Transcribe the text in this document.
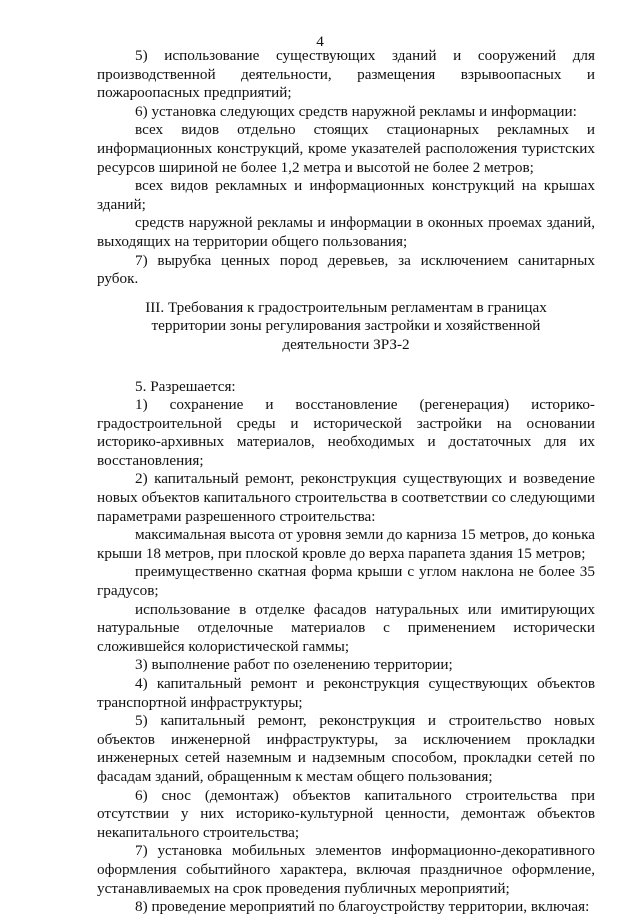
4

5) использование существующих зданий и сооружений для производственной деятельности, размещения взрывоопасных и пожароопасных предприятий;

6) установка следующих средств наружной рекламы и информации:

всех видов отдельно стоящих стационарных рекламных и информационных конструкций, кроме указателей расположения туристских ресурсов шириной не более 1,2 метра и высотой не более 2 метров;

всех видов рекламных и информационных конструкций на крышах зданий;

средств наружной рекламы и информации в оконных проемах зданий, выходящих на территории общего пользования;

7) вырубка ценных пород деревьев, за исключением санитарных рубок.

III. Требования к градостроительным регламентам в границах территории зоны регулирования застройки и хозяйственной деятельности ЗРЗ-2

5. Разрешается:

1) сохранение и восстановление (регенерация) историко-градостроительной среды и исторической застройки на основании историко-архивных материалов, необходимых и достаточных для их восстановления;

2) капитальный ремонт, реконструкция существующих и возведение новых объектов капитального строительства в соответствии со следующими параметрами разрешенного строительства:

максимальная высота от уровня земли до карниза 15 метров, до конька крыши 18 метров, при плоской кровле до верха парапета здания 15 метров;

преимущественно скатная форма крыши с углом наклона не более 35 градусов;

использование в отделке фасадов натуральных или имитирующих натуральные отделочные материалов с применением исторически сложившейся колористической гаммы;

3) выполнение работ по озеленению территории;

4) капитальный ремонт и реконструкция существующих объектов транспортной инфраструктуры;

5) капитальный ремонт, реконструкция и строительство новых объектов инженерной инфраструктуры, за исключением прокладки инженерных сетей наземным и надземным способом, прокладки сетей по фасадам зданий, обращенным к местам общего пользования;

6) снос (демонтаж) объектов капитального строительства при отсутствии у них историко-культурной ценности, демонтаж объектов некапитального строительства;

7) установка мобильных элементов информационно-декоративного оформления событийного характера, включая праздничное оформление, устанавливаемых на срок проведения публичных мероприятий;

8) проведение мероприятий по благоустройству территории, включая:
